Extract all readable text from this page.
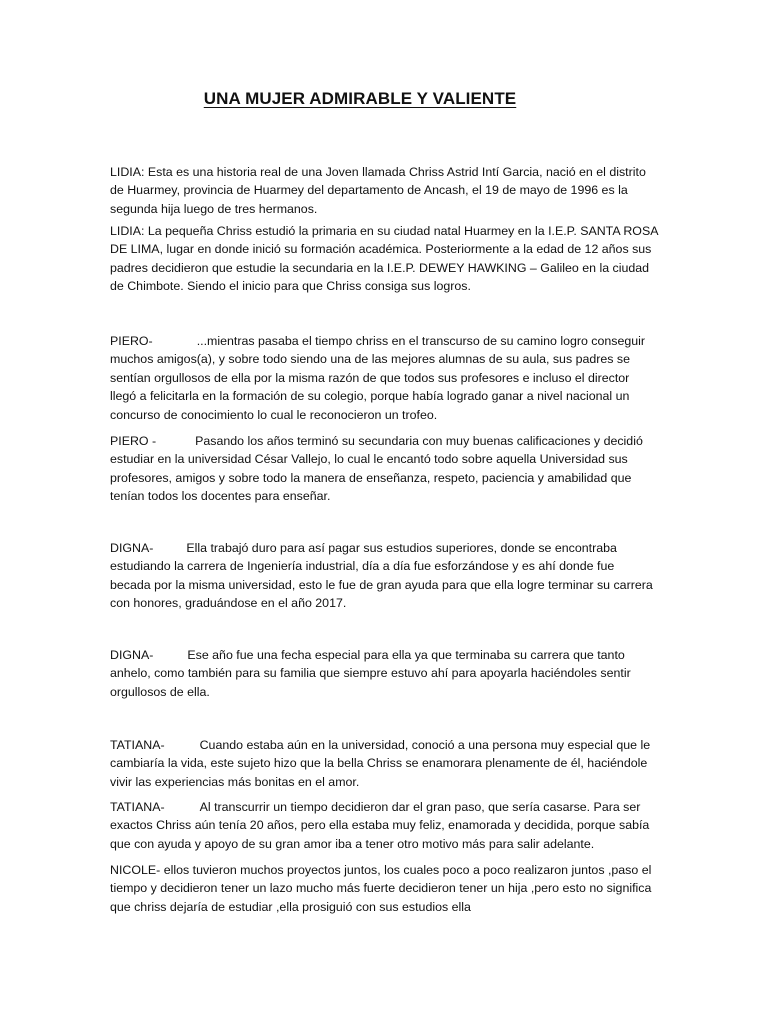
UNA MUJER ADMIRABLE Y VALIENTE

LIDIA: Esta es una historia real de una Joven llamada Chriss Astrid Intí Garcia, nació en el distrito de Huarmey, provincia de Huarmey del departamento de Ancash, el 19 de mayo de 1996 es la segunda hija luego de tres hermanos.

LIDIA: La pequeña Chriss estudió la primaria en su ciudad natal Huarmey en la I.E.P. SANTA ROSA DE LIMA, lugar en donde inició su formación académica. Posteriormente a la edad de 12 años sus padres decidieron que estudie la secundaria en la I.E.P. DEWEY HAWKING – Galileo en la ciudad de Chimbote. Siendo el inicio para que Chriss consiga sus logros.

PIERO-	...mientras pasaba el tiempo chriss en el transcurso de su camino logro conseguir muchos amigos(a), y sobre todo siendo una de las mejores alumnas de su aula, sus padres se sentían orgullosos de ella por la misma razón de que todos sus profesores e incluso el director llegó a felicitarla en la formación de su colegio, porque había logrado ganar a nivel nacional un concurso de conocimiento lo cual le reconocieron un trofeo.

PIERO -	Pasando los años terminó su secundaria con muy buenas calificaciones y decidió estudiar en la universidad César Vallejo, lo cual le encantó todo sobre aquella Universidad sus profesores, amigos y sobre todo la manera de enseñanza, respeto, paciencia y amabilidad que tenían todos los docentes para enseñar.

DIGNA-	Ella trabajó duro para así pagar sus estudios superiores, donde se encontraba estudiando la carrera de Ingeniería industrial, día a día fue esforzándose y es ahí donde fue becada por la misma universidad, esto le fue de gran ayuda para que ella logre terminar su carrera con honores, graduándose en el año 2017.

DIGNA-	Ese año fue una fecha especial para ella ya que terminaba su carrera que tanto anhelo, como también para su familia que siempre estuvo ahí para apoyarla haciéndoles sentir orgullosos de ella.

TATIANA-	Cuando estaba aún en la universidad, conoció a una persona muy especial que le cambiaría la vida, este sujeto hizo que la bella Chriss se enamorara plenamente de él, haciéndole vivir las experiencias más bonitas en el amor.

TATIANA-	Al transcurrir un tiempo decidieron dar el gran paso, que sería casarse. Para ser exactos Chriss aún tenía 20 años, pero ella estaba muy feliz, enamorada y decidida, porque sabía que con ayuda y apoyo de su gran amor iba a tener otro motivo más para salir adelante.

NICOLE- ellos tuvieron muchos proyectos juntos, los cuales poco a poco realizaron juntos ,paso el tiempo y decidieron tener un lazo mucho más fuerte decidieron tener un hija ,pero esto no significa que chriss dejaría de estudiar ,ella prosiguió con sus estudios ella
